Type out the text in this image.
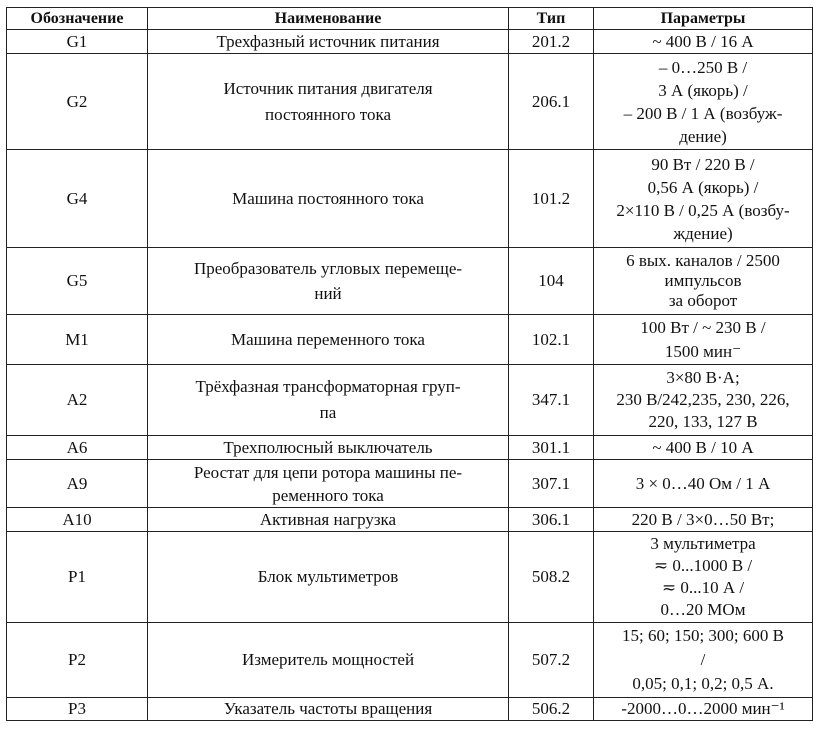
Обозначение	Наименование	Тип	Параметры
G1	Трехфазный источник питания	201.2	~ 400 В / 16 А

G2	Источник питания двигателя
постоянного тока	206.1	– 0…250 В /
3 А (якорь) /
– 200 В / 1 А (возбуж-
дение)

G4	Машина постоянного тока	101.2	90 Вт / 220 В /
0,56 А (якорь) /
2×110 В / 0,25 А (возбу-
ждение)

G5	Преобразователь угловых перемеще-
ний	104	6 вых. каналов / 2500
импульсов
за оборот

M1	Машина переменного тока	102.1	100 Вт / ~ 230 В /
1500 мин⁻

A2	Трёхфазная трансформаторная груп-
па	347.1	3×80 В·А;
230 В/242,235, 230, 226,
220, 133, 127 В

A6	Трехполюсный выключатель	301.1	~ 400 В / 10 А

A9	Реостат для цепи ротора машины пе-
ременного тока	307.1	3 × 0…40 Ом / 1 А

A10	Активная нагрузка	306.1	220 В / 3×0…50 Вт;

P1	Блок мультиметров	508.2	3 мультиметра
≂ 0...1000 В /
≂ 0...10 А /
0…20 МОм

P2	Измеритель мощностей	507.2	15; 60; 150; 300; 600 В
/
0,05; 0,1; 0,2; 0,5 А.

P3	Указатель частоты вращения	506.2	-2000…0…2000 мин⁻¹
